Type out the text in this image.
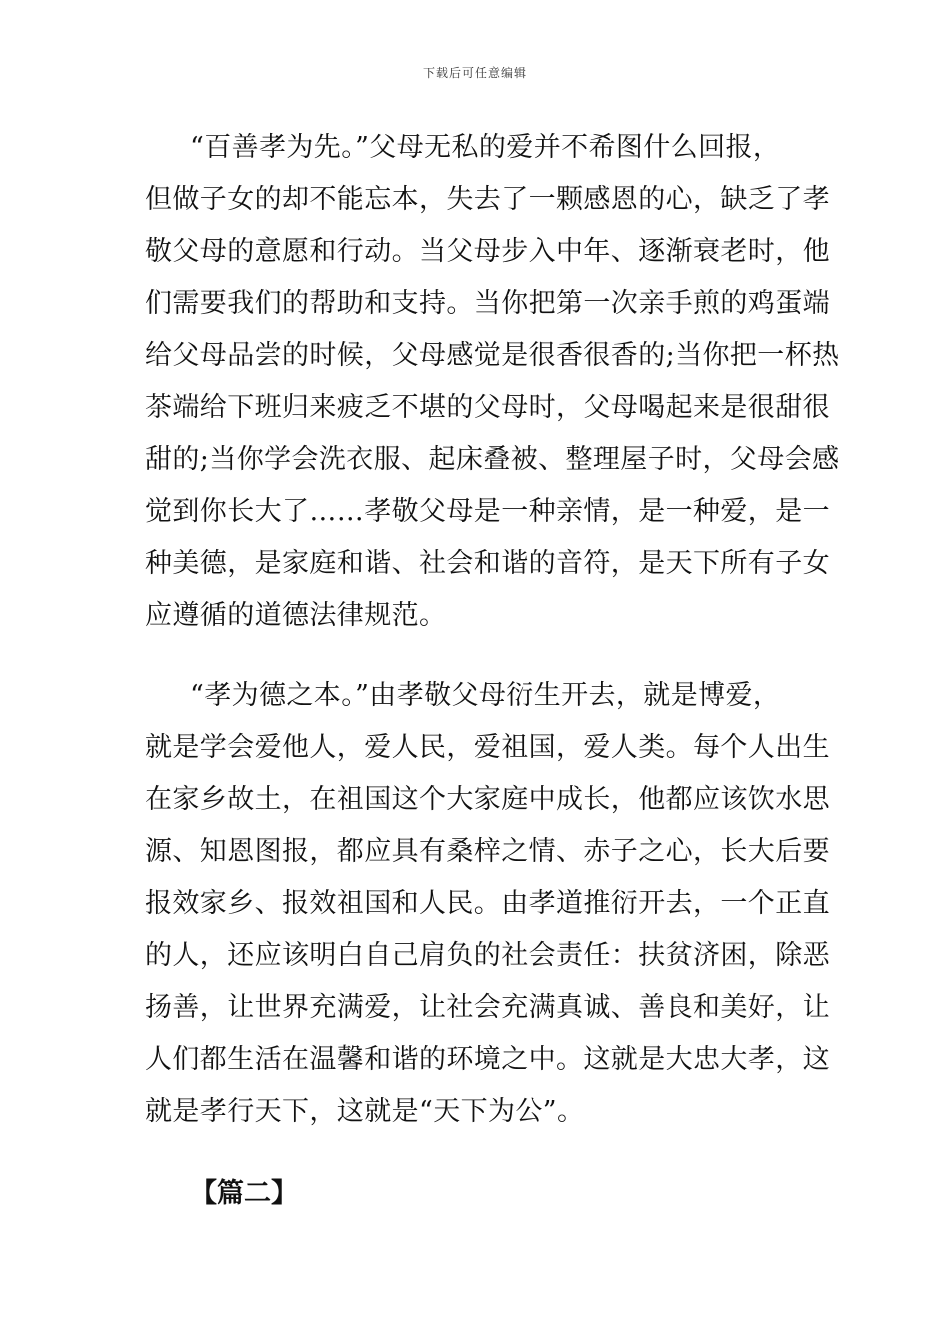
下载后可任意编辑
“百善孝为先。”父母无私的爱并不希图什么回报，
但做子女的却不能忘本，失去了一颗感恩的心，缺乏了孝
敬父母的意愿和行动。当父母步入中年、逐渐衰老时，他
们需要我们的帮助和支持。当你把第一次亲手煎的鸡蛋端
给父母品尝的时候，父母感觉是很香很香的;当你把一杯热
茶端给下班归来疲乏不堪的父母时，父母喝起来是很甜很
甜的;当你学会洗衣服、起床叠被、整理屋子时，父母会感
觉到你长大了……孝敬父母是一种亲情，是一种爱，是一
种美德，是家庭和谐、社会和谐的音符，是天下所有子女
应遵循的道德法律规范。
“孝为德之本。”由孝敬父母衍生开去，就是博爱，
就是学会爱他人，爱人民，爱祖国，爱人类。每个人出生
在家乡故土，在祖国这个大家庭中成长，他都应该饮水思
源、知恩图报，都应具有桑梓之情、赤子之心，长大后要
报效家乡、报效祖国和人民。由孝道推衍开去，一个正直
的人，还应该明白自己肩负的社会责任：扶贫济困，除恶
扬善，让世界充满爱，让社会充满真诚、善良和美好，让
人们都生活在温馨和谐的环境之中。这就是大忠大孝，这
就是孝行天下，这就是“天下为公”。
【篇二】
